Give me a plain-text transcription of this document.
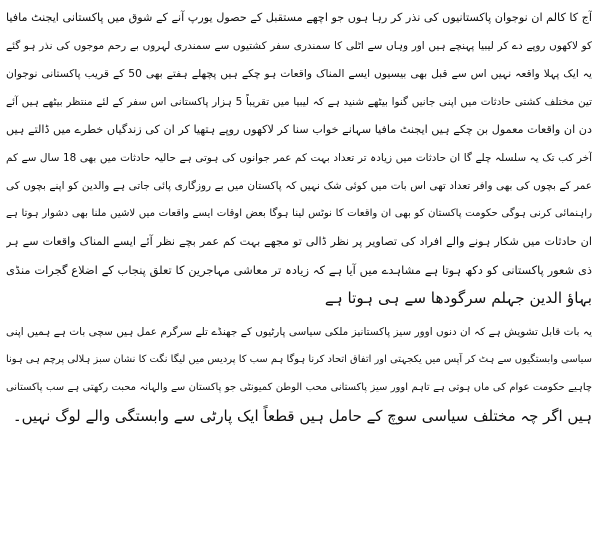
آج کا کالم ان نوجوان پاکستانیوں کی نذر کر رہا ہوں جو اچھے مستقبل کے حصول یورپ آنے کے شوق میں پاکستانی ایجنٹ مافیا
کو لاکھوں روپے دے کر لیبیا پہنچے ہیں اور وہاں سے اٹلی کا سمندری سفر کشتیوں سے سمندری لہروں بے رحم موجوں کی نذر ہو گئے
یہ ایک پہلا واقعہ نہیں اس سے قبل بھی بیسیوں ایسے المناک واقعات ہو چکے ہیں پچھلے ہفتے بھی 50 کے قریب پاکستانی نوجوان
تین مختلف کشتی حادثات میں اپنی جانیں گنوا بیٹھے شنید ہے کہ لیبیا میں تقریباً 5 ہزار پاکستانی اس سفر کے لئے منتظر بیٹھے ہیں آئے
دن ان واقعات معمول بن چکے ہیں ایجنٹ مافیا سہانے خواب سنا کر لاکھوں روپے ہتھیا کر ان کی زندگیاں خطرے میں ڈالتے ہیں
آخر کب تک یہ سلسلہ چلے گا ان حادثات میں زیادہ تر تعداد بہت کم عمر جوانوں کی ہوتی ہے حالیہ حادثات میں بھی 18 سال سے کم
عمر کے بچوں کی بھی وافر تعداد تھی اس بات میں کوئی شک نہیں کہ پاکستان میں بے روزگاری پائی جاتی ہے والدین کو اپنے بچوں کی
راہنمائی کرنی ہوگی حکومت پاکستان کو بھی ان واقعات کا نوٹس لینا ہوگا بعض اوقات ایسے واقعات میں لاشیں ملنا بھی دشوار ہوتا ہے
ان حادثات میں شکار ہونے والے افراد کی تصاویر پر نظر ڈالی تو مجھے بہت کم عمر بچے نظر آئے ایسے المناک واقعات سے ہر
ذی شعور پاکستانی کو دکھ ہوتا ہے مشاہدے میں آیا ہے کہ زیادہ تر معاشی مہاجرین کا تعلق پنجاب کے اضلاع گجرات منڈی
بہاؤ الدین جہلم سرگودھا سے ہی ہوتا ہے
یہ بات قابل تشویش ہے کہ ان دنوں اوور سیز پاکستانیز ملکی سیاسی پارٹیوں کے جھنڈے تلے سرگرم عمل ہیں سچی بات ہے ہمیں اپنی
سیاسی وابستگیوں سے ہٹ کر آپس میں یکجہتی اور اتفاق اتحاد کرنا ہوگا ہم سب کا پردیس میں لیگا نگت کا نشان سبز ہلالی پرچم ہی ہونا
چاہیے حکومت عوام کی ماں ہوتی ہے تاہم اوور سیز پاکستانی محب الوطن کمیونٹی جو پاکستان سے والہانہ محبت رکھتی ہے سب پاکستانی
ہیں اگر چہ مختلف سیاسی سوچ کے حامل ہیں قطعاً ایک پارٹی سے وابستگی والے لوگ نہیں۔
